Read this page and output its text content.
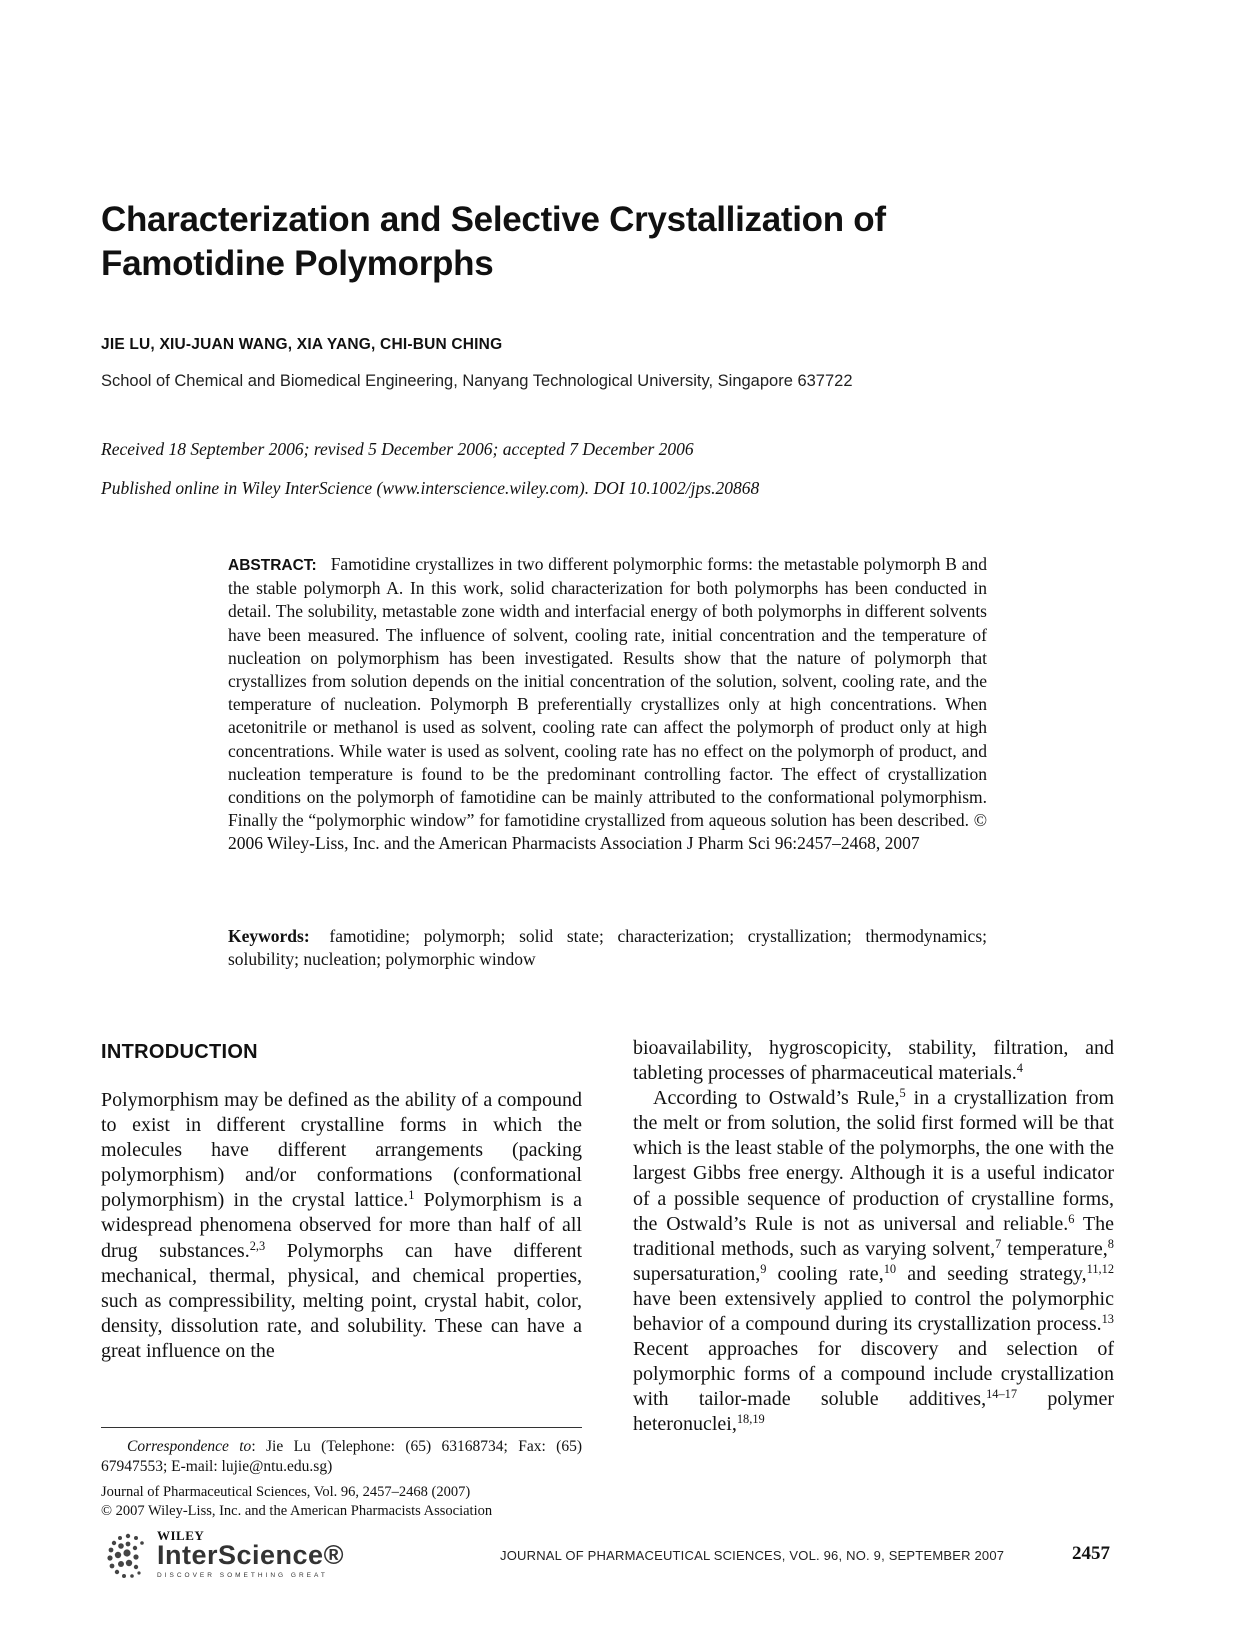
Characterization and Selective Crystallization of
Famotidine Polymorphs
JIE LU, XIU-JUAN WANG, XIA YANG, CHI-BUN CHING
School of Chemical and Biomedical Engineering, Nanyang Technological University, Singapore 637722
Received 18 September 2006; revised 5 December 2006; accepted 7 December 2006
Published online in Wiley InterScience (www.interscience.wiley.com). DOI 10.1002/jps.20868
ABSTRACT: Famotidine crystallizes in two different polymorphic forms: the metastable polymorph B and the stable polymorph A. In this work, solid characterization for both polymorphs has been conducted in detail. The solubility, metastable zone width and interfacial energy of both polymorphs in different solvents have been measured. The influence of solvent, cooling rate, initial concentration and the temperature of nucleation on polymorphism has been investigated. Results show that the nature of polymorph that crystallizes from solution depends on the initial concentration of the solution, solvent, cooling rate, and the temperature of nucleation. Polymorph B preferentially crystallizes only at high concentrations. When acetonitrile or methanol is used as solvent, cooling rate can affect the polymorph of product only at high concentrations. While water is used as solvent, cooling rate has no effect on the polymorph of product, and nucleation temperature is found to be the predominant controlling factor. The effect of crystallization conditions on the polymorph of famotidine can be mainly attributed to the conformational polymorphism. Finally the “polymorphic window” for famotidine crystallized from aqueous solution has been described. © 2006 Wiley-Liss, Inc. and the American Pharmacists Association J Pharm Sci 96:2457–2468, 2007
Keywords: famotidine; polymorph; solid state; characterization; crystallization; thermodynamics; solubility; nucleation; polymorphic window
INTRODUCTION

Polymorphism may be defined as the ability of a compound to exist in different crystalline forms in which the molecules have different arrangements (packing polymorphism) and/or conformations (conformational polymorphism) in the crystal lattice.$^1$ Polymorphism is a widespread phenomena observed for more than half of all drug substances.$^{2,3}$ Polymorphs can have different mechanical, thermal, physical, and chemical properties, such as compressibility, melting point, crystal habit, color, density, dissolution rate, and solubility. These can have a great influence on the

bioavailability, hygroscopicity, stability, filtration, and tableting processes of pharmaceutical materials.$^4$

According to Ostwald’s Rule,$^5$ in a crystallization from the melt or from solution, the solid first formed will be that which is the least stable of the polymorphs, the one with the largest Gibbs free energy. Although it is a useful indicator of a possible sequence of production of crystalline forms, the Ostwald’s Rule is not as universal and reliable.$^6$ The traditional methods, such as varying solvent,$^7$ temperature,$^8$ supersaturation,$^9$ cooling rate,$^{10}$ and seeding strategy,$^{11,12}$ have been extensively applied to control the polymorphic behavior of a compound during its crystallization process.$^{13}$ Recent approaches for discovery and selection of polymorphic forms of a compound include crystallization with tailor-made soluble additives,$^{14-17}$ polymer heteronuclei,$^{18,19}$

Correspondence to: Jie Lu (Telephone: (65) 63168734; Fax: (65) 67947553; E-mail: lujie@ntu.edu.sg)
Journal of Pharmaceutical Sciences, Vol. 96, 2457–2468 (2007)
© 2007 Wiley-Liss, Inc. and the American Pharmacists Association
WILEY
InterScience®
DISCOVER SOMETHING GREAT
JOURNAL OF PHARMACEUTICAL SCIENCES, VOL. 96, NO. 9, SEPTEMBER 2007	2457
